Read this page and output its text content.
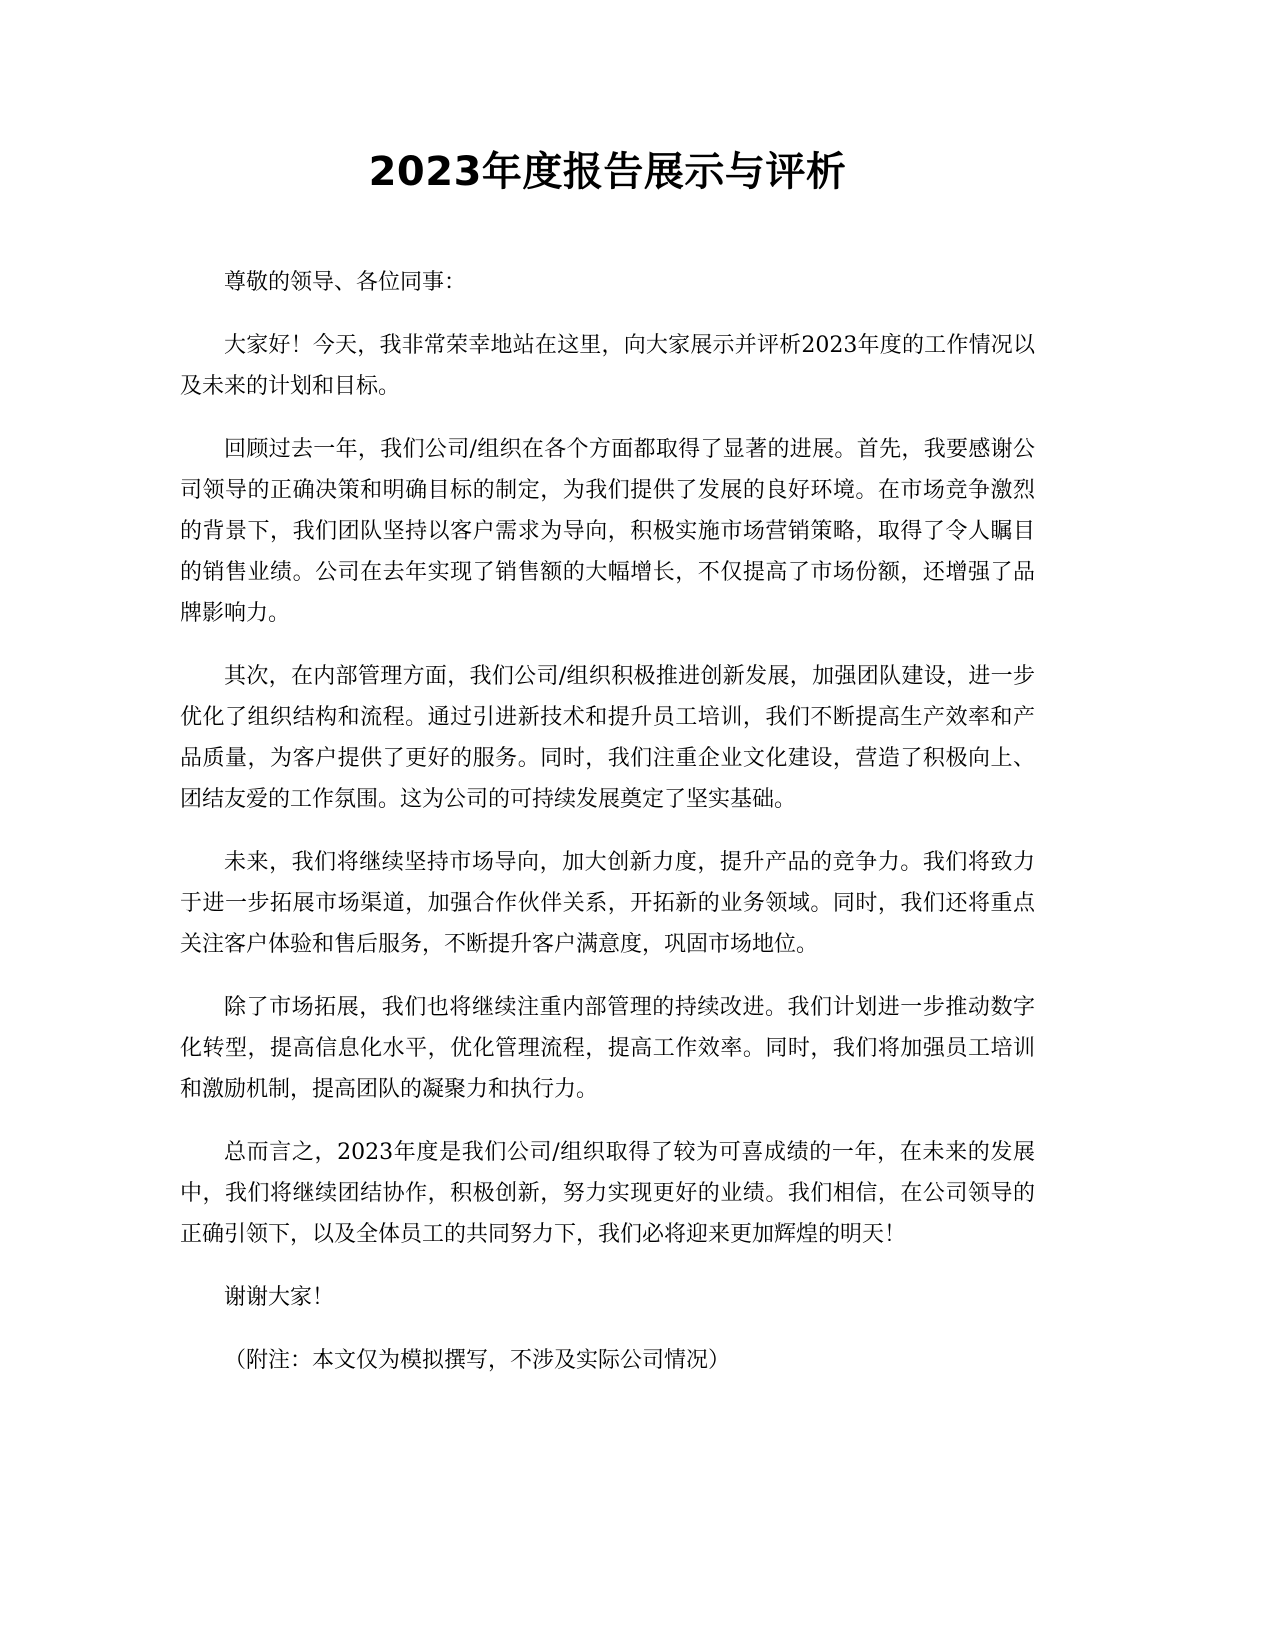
2023年度报告展示与评析

尊敬的领导、各位同事：

大家好！今天，我非常荣幸地站在这里，向大家展示并评析2023年度的工作情况以及未来的计划和目标。

回顾过去一年，我们公司/组织在各个方面都取得了显著的进展。首先，我要感谢公司领导的正确决策和明确目标的制定，为我们提供了发展的良好环境。在市场竞争激烈的背景下，我们团队坚持以客户需求为导向，积极实施市场营销策略，取得了令人瞩目的销售业绩。公司在去年实现了销售额的大幅增长，不仅提高了市场份额，还增强了品牌影响力。

其次，在内部管理方面，我们公司/组织积极推进创新发展，加强团队建设，进一步优化了组织结构和流程。通过引进新技术和提升员工培训，我们不断提高生产效率和产品质量，为客户提供了更好的服务。同时，我们注重企业文化建设，营造了积极向上、团结友爱的工作氛围。这为公司的可持续发展奠定了坚实基础。

未来，我们将继续坚持市场导向，加大创新力度，提升产品的竞争力。我们将致力于进一步拓展市场渠道，加强合作伙伴关系，开拓新的业务领域。同时，我们还将重点关注客户体验和售后服务，不断提升客户满意度，巩固市场地位。

除了市场拓展，我们也将继续注重内部管理的持续改进。我们计划进一步推动数字化转型，提高信息化水平，优化管理流程，提高工作效率。同时，我们将加强员工培训和激励机制，提高团队的凝聚力和执行力。

总而言之，2023年度是我们公司/组织取得了较为可喜成绩的一年，在未来的发展中，我们将继续团结协作，积极创新，努力实现更好的业绩。我们相信，在公司领导的正确引领下，以及全体员工的共同努力下，我们必将迎来更加辉煌的明天！

谢谢大家！

（附注：本文仅为模拟撰写，不涉及实际公司情况）
